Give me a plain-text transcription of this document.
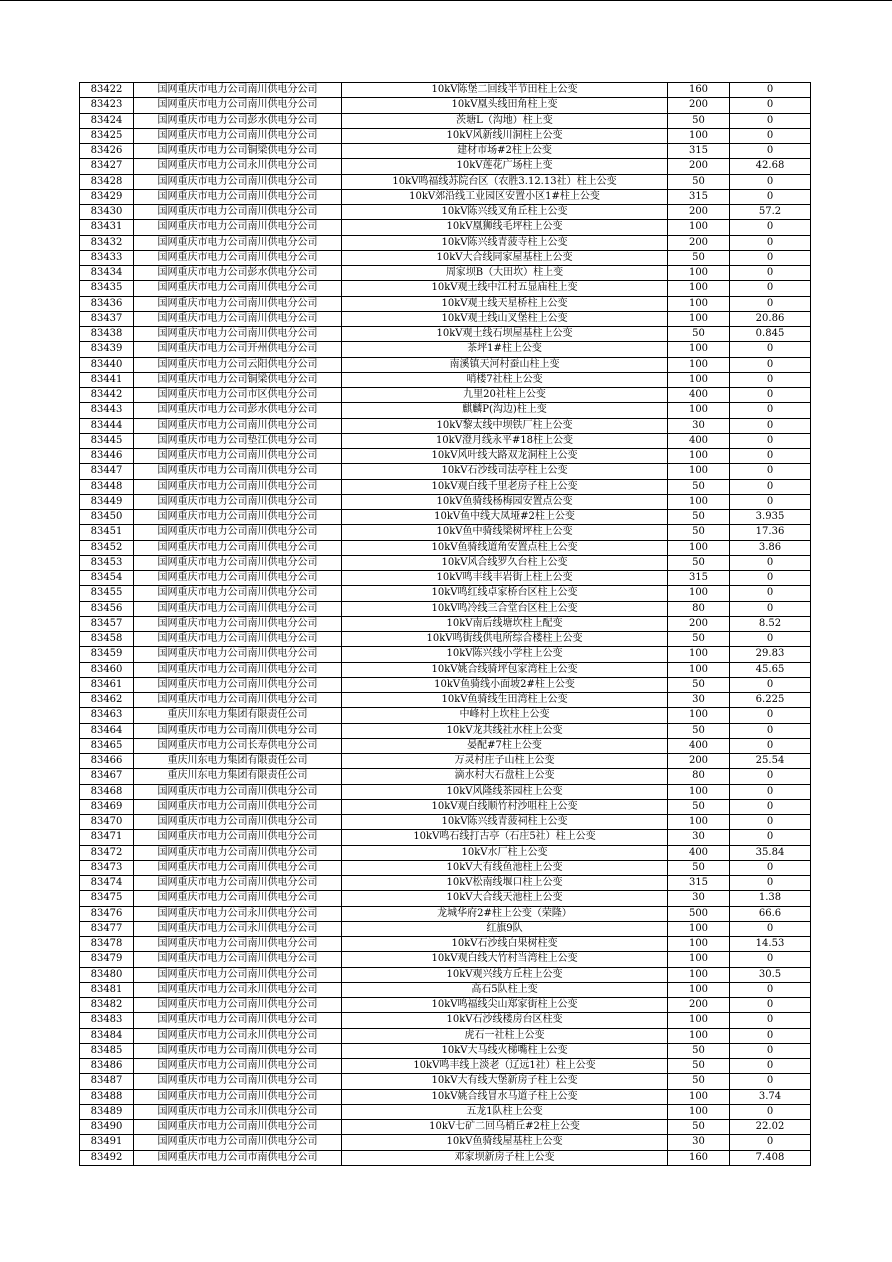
83422	国网重庆市电力公司南川供电分公司	10kV陈堡二回线半节田柱上公变	160	0
83423	国网重庆市电力公司南川供电分公司	10kV凰头线田角柱上变	200	0
83424	国网重庆市电力公司彭水供电分公司	茨塘L（沟地）柱上变	50	0
83425	国网重庆市电力公司南川供电分公司	10kV风新线川洞柱上公变	100	0
83426	国网重庆市电力公司铜梁供电分公司	建材市场#2柱上公变	315	0
83427	国网重庆市电力公司永川供电分公司	10kV莲花广场柱上变	200	42.68
83428	国网重庆市电力公司南川供电分公司	10kV鸣福线苏院台区（农胜3.12.13社）柱上公变	50	0
83429	国网重庆市电力公司南川供电分公司	10kV郊沿线工业园区安置小区1#柱上公变	315	0
83430	国网重庆市电力公司南川供电分公司	10kV陈兴线叉角丘柱上公变	200	57.2
83431	国网重庆市电力公司南川供电分公司	10kV凰狮线毛坪柱上公变	100	0
83432	国网重庆市电力公司南川供电分公司	10kV陈兴线青菠寺柱上公变	200	0
83433	国网重庆市电力公司南川供电分公司	10kV大合线同家屋基柱上公变	50	0
83434	国网重庆市电力公司彭水供电分公司	周家坝B（大田坎）柱上变	100	0
83435	国网重庆市电力公司南川供电分公司	10kV观土线中江村五显庙柱上变	100	0
83436	国网重庆市电力公司南川供电分公司	10kV观土线天星桥柱上公变	100	0
83437	国网重庆市电力公司南川供电分公司	10kV观土线山叉堡柱上公变	100	20.86
83438	国网重庆市电力公司南川供电分公司	10kV观土线石坝屋基柱上公变	50	0.845
83439	国网重庆市电力公司开州供电分公司	茶坪1#柱上公变	100	0
83440	国网重庆市电力公司云阳供电分公司	南溪镇天河村蚕山柱上变	100	0
83441	国网重庆市电力公司铜梁供电分公司	哨楼7社柱上公变	100	0
83442	国网重庆市电力公司市区供电分公司	九里20社柱上公变	400	0
83443	国网重庆市电力公司彭水供电分公司	麒麟P(沟边)柱上变	100	0
83444	国网重庆市电力公司南川供电分公司	10kV黎太线中坝铁厂柱上公变	30	0
83445	国网重庆市电力公司垫江供电分公司	10kV澄月线永平#18柱上公变	400	0
83446	国网重庆市电力公司南川供电分公司	10kV风叶线大路双龙洞柱上公变	100	0
83447	国网重庆市电力公司南川供电分公司	10kV石沙线司法亭柱上公变	100	0
83448	国网重庆市电力公司南川供电分公司	10kV观白线千里老房子柱上公变	50	0
83449	国网重庆市电力公司南川供电分公司	10kV鱼骑线杨梅园安置点公变	100	0
83450	国网重庆市电力公司南川供电分公司	10kV鱼中线大凤垭#2柱上公变	50	3.935
83451	国网重庆市电力公司南川供电分公司	10kV鱼中骑线梁树坪柱上公变	50	17.36
83452	国网重庆市电力公司南川供电分公司	10kV鱼骑线道角安置点柱上公变	100	3.86
83453	国网重庆市电力公司南川供电分公司	10kV风合线罗久台柱上公变	50	0
83454	国网重庆市电力公司南川供电分公司	10kV鸣丰线丰岩街上柱上公变	315	0
83455	国网重庆市电力公司南川供电分公司	10kV鸣红线卓家桥台区柱上公变	100	0
83456	国网重庆市电力公司南川供电分公司	10kV鸣冷线三合堂台区柱上公变	80	0
83457	国网重庆市电力公司南川供电分公司	10kV南后线塘坎柱上配变	200	8.52
83458	国网重庆市电力公司南川供电分公司	10kV鸣街线供电所综合楼柱上公变	50	0
83459	国网重庆市电力公司南川供电分公司	10kV陈兴线小学柱上公变	100	29.83
83460	国网重庆市电力公司南川供电分公司	10kV姚合线骑坪包家湾柱上公变	100	45.65
83461	国网重庆市电力公司南川供电分公司	10kV鱼骑线小面坡2#柱上公变	50	0
83462	国网重庆市电力公司南川供电分公司	10kV鱼骑线生田湾柱上公变	30	6.225
83463	重庆川东电力集团有限责任公司	中峰村上坎柱上公变	100	0
83464	国网重庆市电力公司南川供电分公司	10kV龙共线社水柱上公变	50	0
83465	国网重庆市电力公司长寿供电分公司	晏配#7柱上公变	400	0
83466	重庆川东电力集团有限责任公司	万灵村庄子山柱上公变	200	25.54
83467	重庆川东电力集团有限责任公司	滴水村大石盘柱上公变	80	0
83468	国网重庆市电力公司南川供电分公司	10kV风隆线茶园柱上公变	100	0
83469	国网重庆市电力公司南川供电分公司	10kV观白线顺竹村沙咀柱上公变	50	0
83470	国网重庆市电力公司南川供电分公司	10kV陈兴线青菠祠柱上公变	100	0
83471	国网重庆市电力公司南川供电分公司	10kV鸣石线打古亭（石庄5社）柱上公变	30	0
83472	国网重庆市电力公司南川供电分公司	10kV水厂柱上公变	400	35.84
83473	国网重庆市电力公司南川供电分公司	10kV大有线鱼池柱上公变	50	0
83474	国网重庆市电力公司南川供电分公司	10kV松南线堰口柱上公变	315	0
83475	国网重庆市电力公司南川供电分公司	10kV大合线天池柱上公变	30	1.38
83476	国网重庆市电力公司永川供电分公司	龙城华府2#柱上公变（荣隆）	500	66.6
83477	国网重庆市电力公司永川供电分公司	红旗9队	100	0
83478	国网重庆市电力公司南川供电分公司	10kV石沙线白果树柱变	100	14.53
83479	国网重庆市电力公司南川供电分公司	10kV观白线大竹村当湾柱上公变	100	0
83480	国网重庆市电力公司南川供电分公司	10kV观兴线方丘柱上公变	100	30.5
83481	国网重庆市电力公司永川供电分公司	高石5队柱上变	100	0
83482	国网重庆市电力公司南川供电分公司	10kV鸣福线尖山郑家街柱上公变	200	0
83483	国网重庆市电力公司南川供电分公司	10kV石沙线楼房台区柱变	100	0
83484	国网重庆市电力公司永川供电分公司	虎石一社柱上公变	100	0
83485	国网重庆市电力公司南川供电分公司	10kV大马线火梯嘴柱上公变	50	0
83486	国网重庆市电力公司南川供电分公司	10kV鸣丰线上淡老（辽远1社）柱上公变	50	0
83487	国网重庆市电力公司南川供电分公司	10kV大有线大堡新房子柱上公变	50	0
83488	国网重庆市电力公司南川供电分公司	10kV姚合线冒水马道子柱上公变	100	3.74
83489	国网重庆市电力公司永川供电分公司	五龙1队柱上公变	100	0
83490	国网重庆市电力公司南川供电分公司	10kV七矿二回乌梢丘#2柱上公变	50	22.02
83491	国网重庆市电力公司南川供电分公司	10kV鱼骑线屋基柱上公变	30	0
83492	国网重庆市电力公司市南供电分公司	邓家坝新房子柱上公变	160	7.408
